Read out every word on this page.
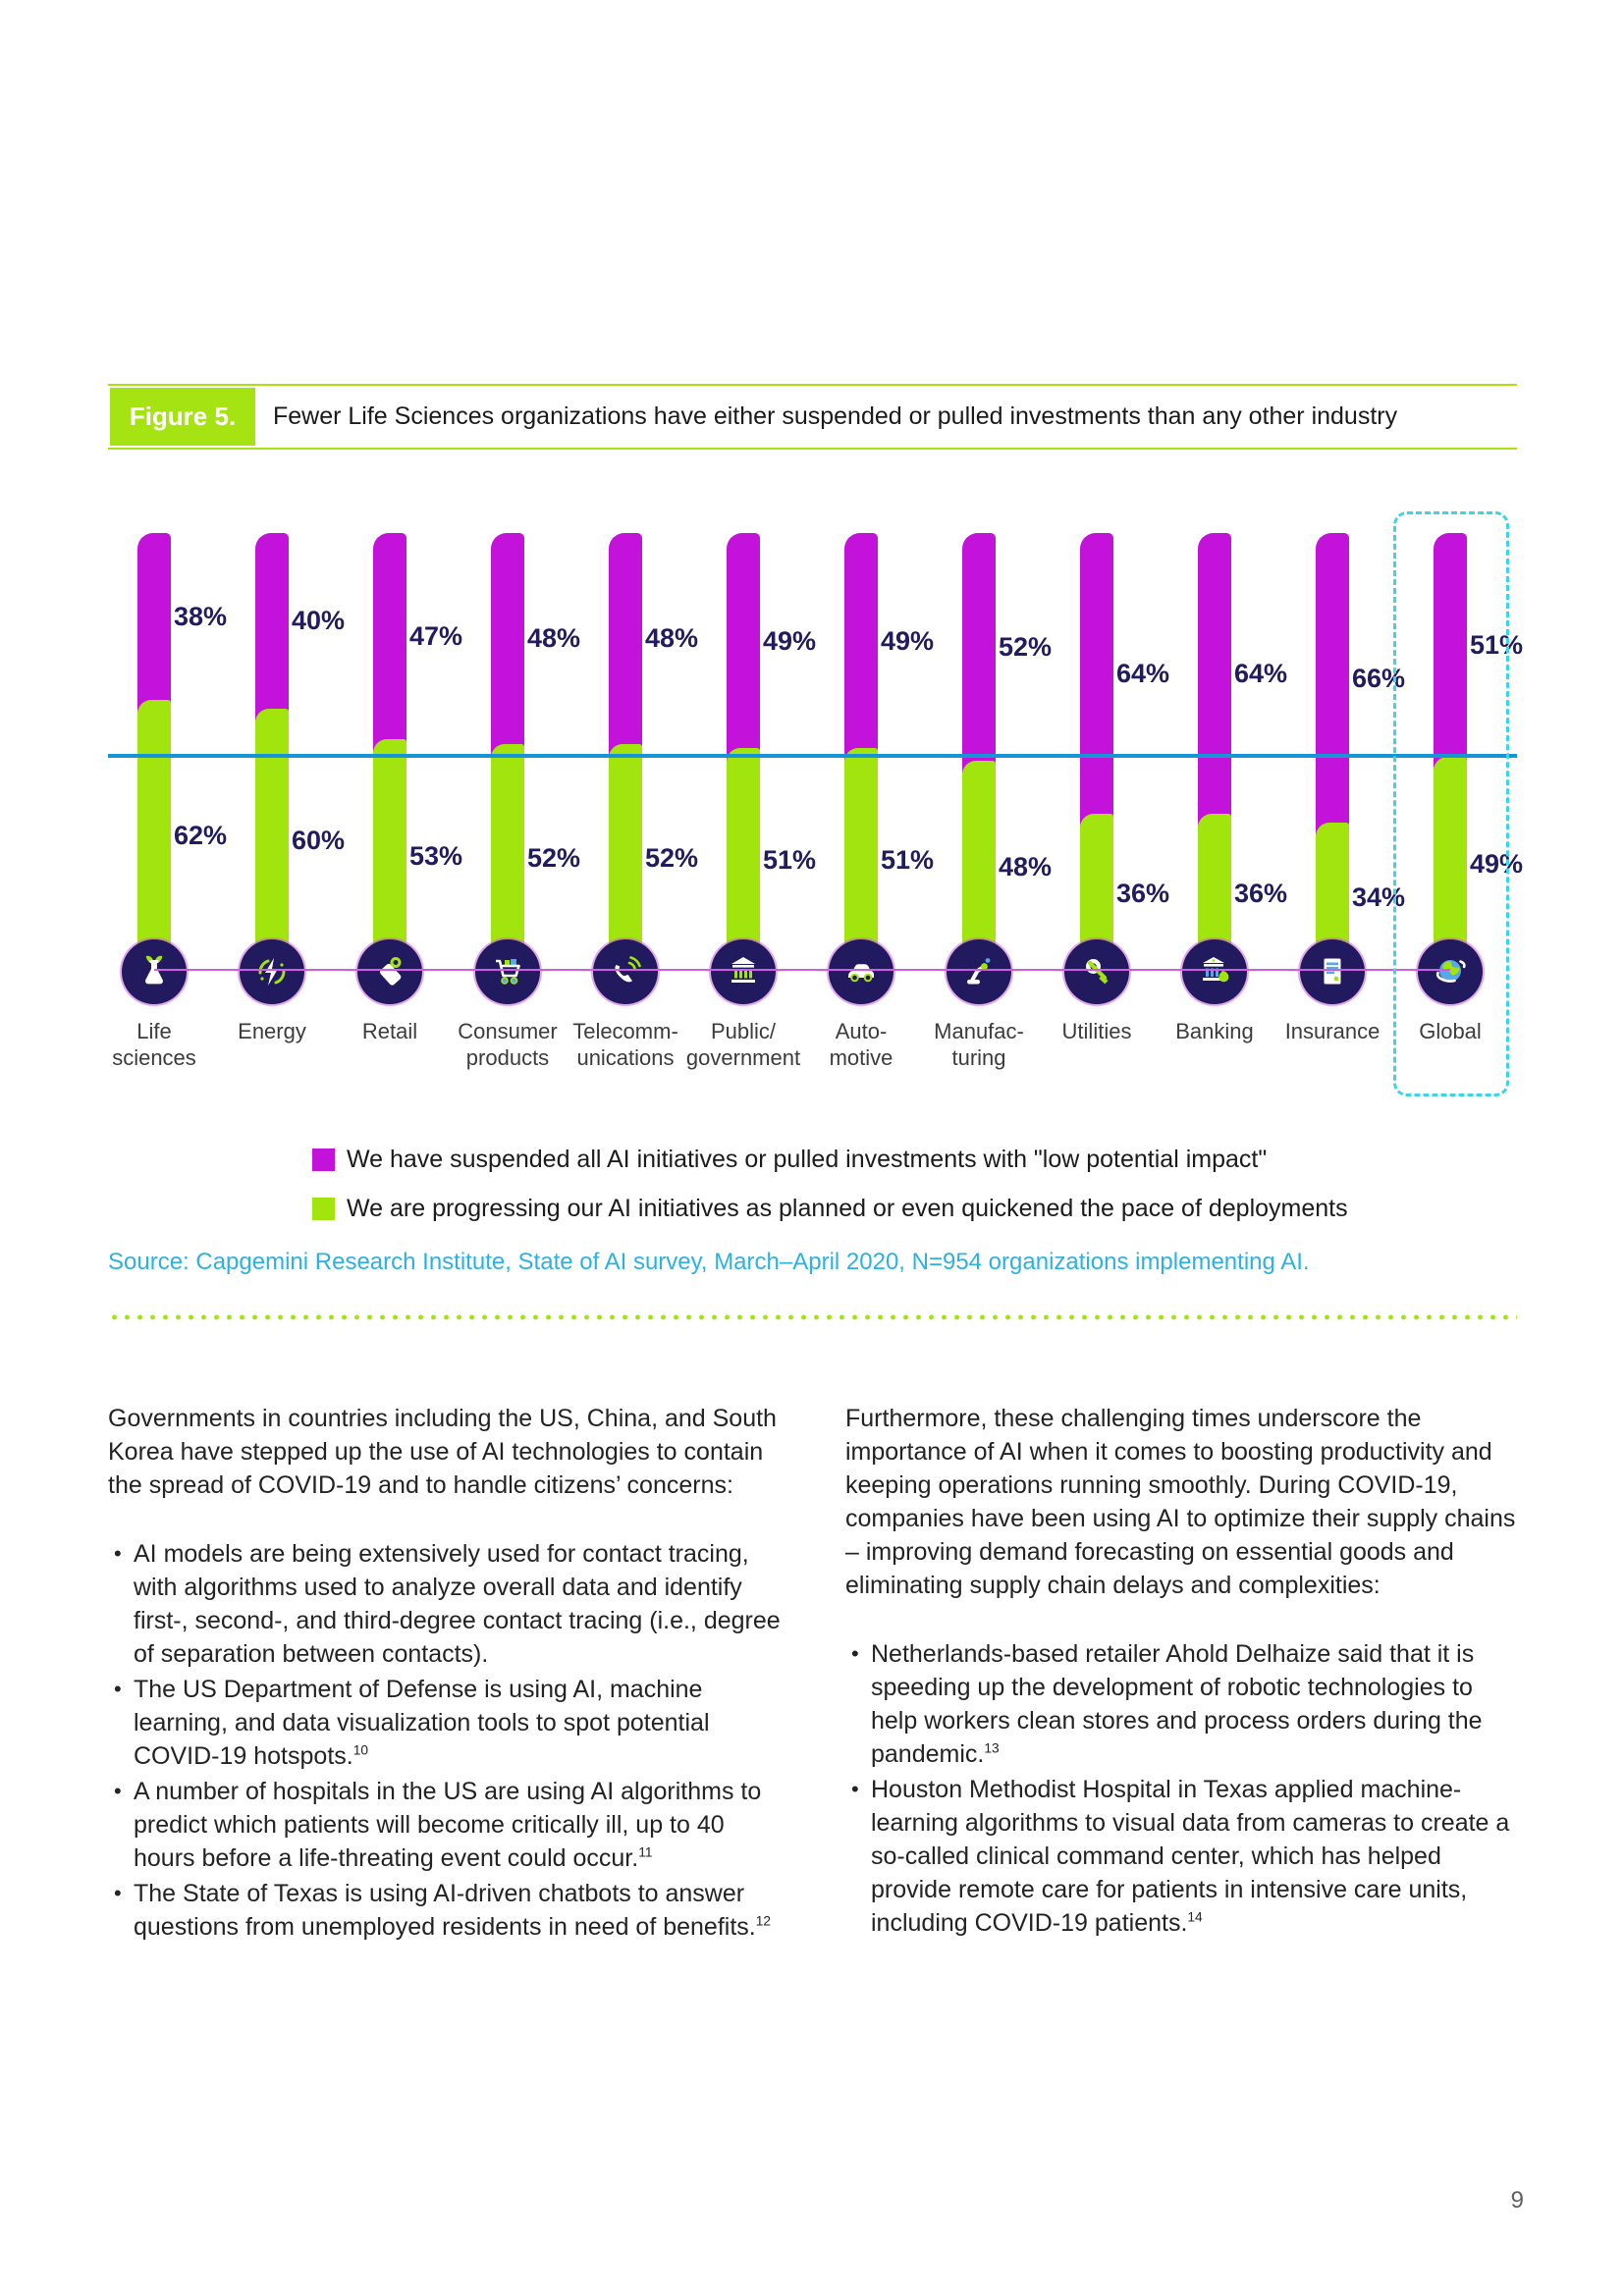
Figure 5.	Fewer Life Sciences organizations have either suspended or pulled investments than any other industry
38%
62%
Life
sciences
40%
60%
Energy
47%
53%
Retail
48%
52%
Consumer
products
48%
52%
Telecomm-
unications
49%
51%
Public/
government
49%
51%
Auto-
motive
52%
48%
Manufac-
turing
64%
36%
Utilities
64%
36%
Banking
66%
34%
Insurance
51%
49%
Global
We have suspended all AI initiatives or pulled investments with "low potential impact"
We are progressing our AI initiatives as planned or even quickened the pace of deployments
Source: Capgemini Research Institute, State of AI survey, March–April 2020, N=954 organizations implementing AI.

Governments in countries including the US, China, and South Korea have stepped up the use of AI technologies to contain the spread of COVID-19 and to handle citizens’ concerns:

• AI models are being extensively used for contact tracing, with algorithms used to analyze overall data and identify first-, second-, and third-degree contact tracing (i.e., degree of separation between contacts).
• The US Department of Defense is using AI, machine learning, and data visualization tools to spot potential COVID-19 hotspots.$^{10}$
• A number of hospitals in the US are using AI algorithms to predict which patients will become critically ill, up to 40 hours before a life-threating event could occur.$^{11}$
• The State of Texas is using AI-driven chatbots to answer questions from unemployed residents in need of benefits.$^{12}$

Furthermore, these challenging times underscore the importance of AI when it comes to boosting productivity and keeping operations running smoothly. During COVID-19, companies have been using AI to optimize their supply chains – improving demand forecasting on essential goods and eliminating supply chain delays and complexities:

• Netherlands-based retailer Ahold Delhaize said that it is speeding up the development of robotic technologies to help workers clean stores and process orders during the pandemic.$^{13}$
• Houston Methodist Hospital in Texas applied machine-learning algorithms to visual data from cameras to create a so-called clinical command center, which has helped provide remote care for patients in intensive care units, including COVID-19 patients.$^{14}$
9
